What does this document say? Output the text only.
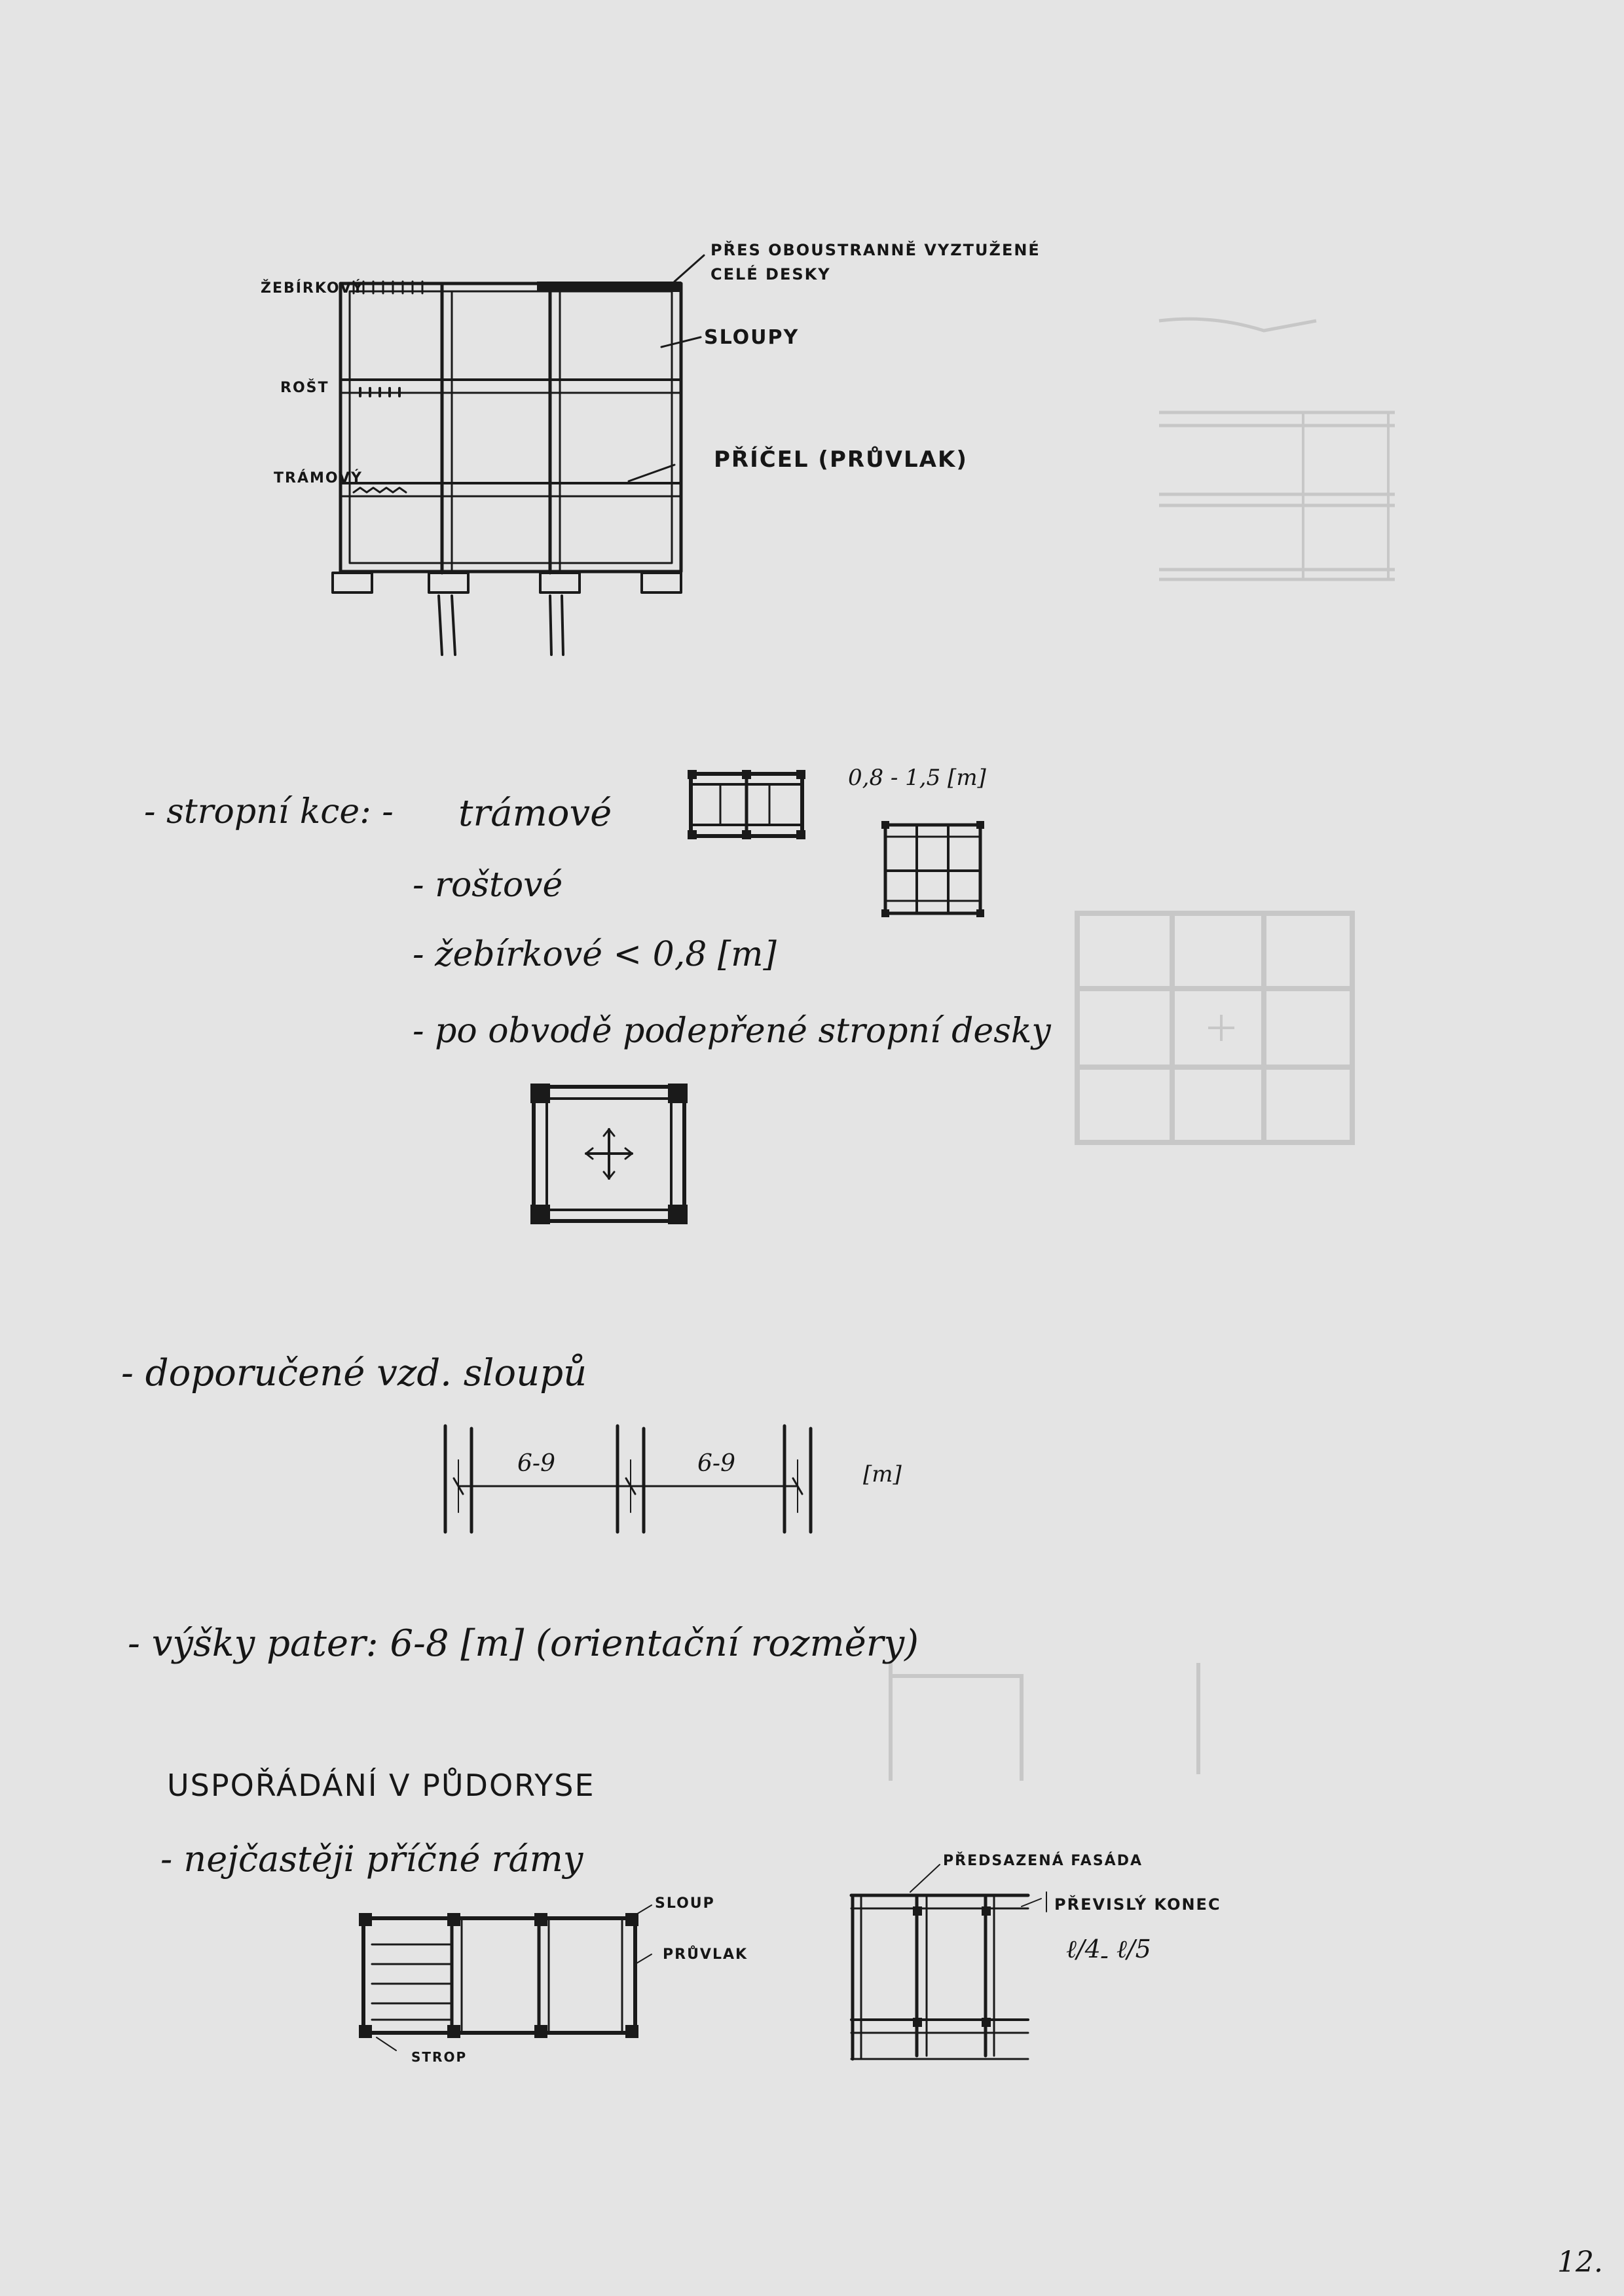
ŽEBÍRKOVÝ
ROŠT
TRÁMOVÝ
PŘES OBOUSTRANNĚ VYZTUŽENÉ
CELÉ DESKY
SLOUPY
PŘÍČEL (PRŮVLAK)
- stropní kce: - trámové
- roštové
- žebírkové < 0,8 [m]
- po obvodě podepřené stropní desky
0,8 - 1,5 [m]
- doporučené vzd. sloupů
6-9	6-9	[m]
- výšky pater: 6-8 [m] (orientační rozměry)
USPOŘÁDÁNÍ V PŮDORYSE
- nejčastěji příčné rámy
SLOUP
PRŮVLAK
STROP
PŘEDSAZENÁ FASÁDA
PŘEVISLÝ KONEC
ℓ/4 - ℓ/5
12.
